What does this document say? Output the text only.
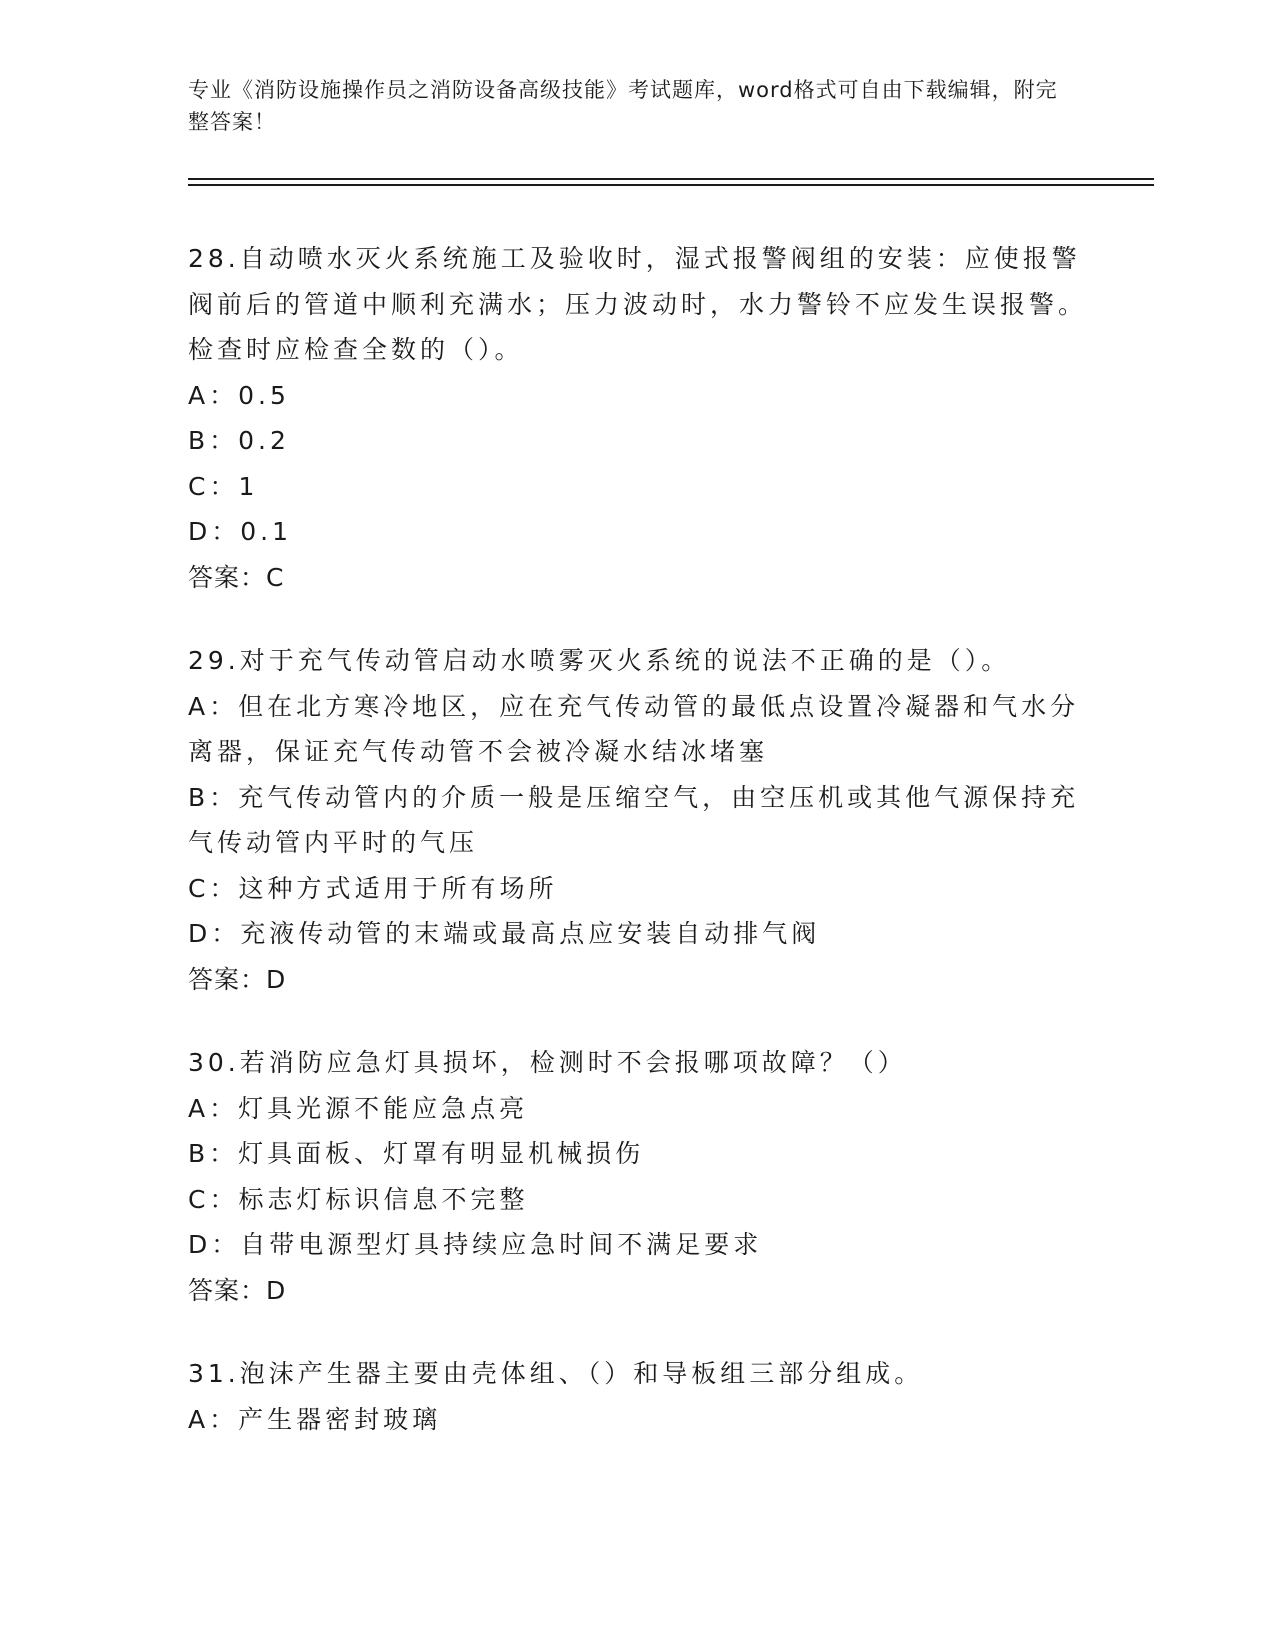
专业《消防设施操作员之消防设备高级技能》考试题库，word格式可自由下载编辑，附完整答案！
28.自动喷水灭火系统施工及验收时，湿式报警阀组的安装：应使报警阀前后的管道中顺利充满水；压力波动时，水力警铃不应发生误报警。检查时应检查全数的（）。
A：0.5
B：0.2
C：1
D：0.1
答案：C
29.对于充气传动管启动水喷雾灭火系统的说法不正确的是（）。
A：但在北方寒冷地区，应在充气传动管的最低点设置冷凝器和气水分离器，保证充气传动管不会被冷凝水结冰堵塞
B：充气传动管内的介质一般是压缩空气，由空压机或其他气源保持充气传动管内平时的气压
C：这种方式适用于所有场所
D：充液传动管的末端或最高点应安装自动排气阀
答案：D
30.若消防应急灯具损坏，检测时不会报哪项故障？（）
A：灯具光源不能应急点亮
B：灯具面板、灯罩有明显机械损伤
C：标志灯标识信息不完整
D：自带电源型灯具持续应急时间不满足要求
答案：D
31.泡沫产生器主要由壳体组、（）和导板组三部分组成。
A：产生器密封玻璃
